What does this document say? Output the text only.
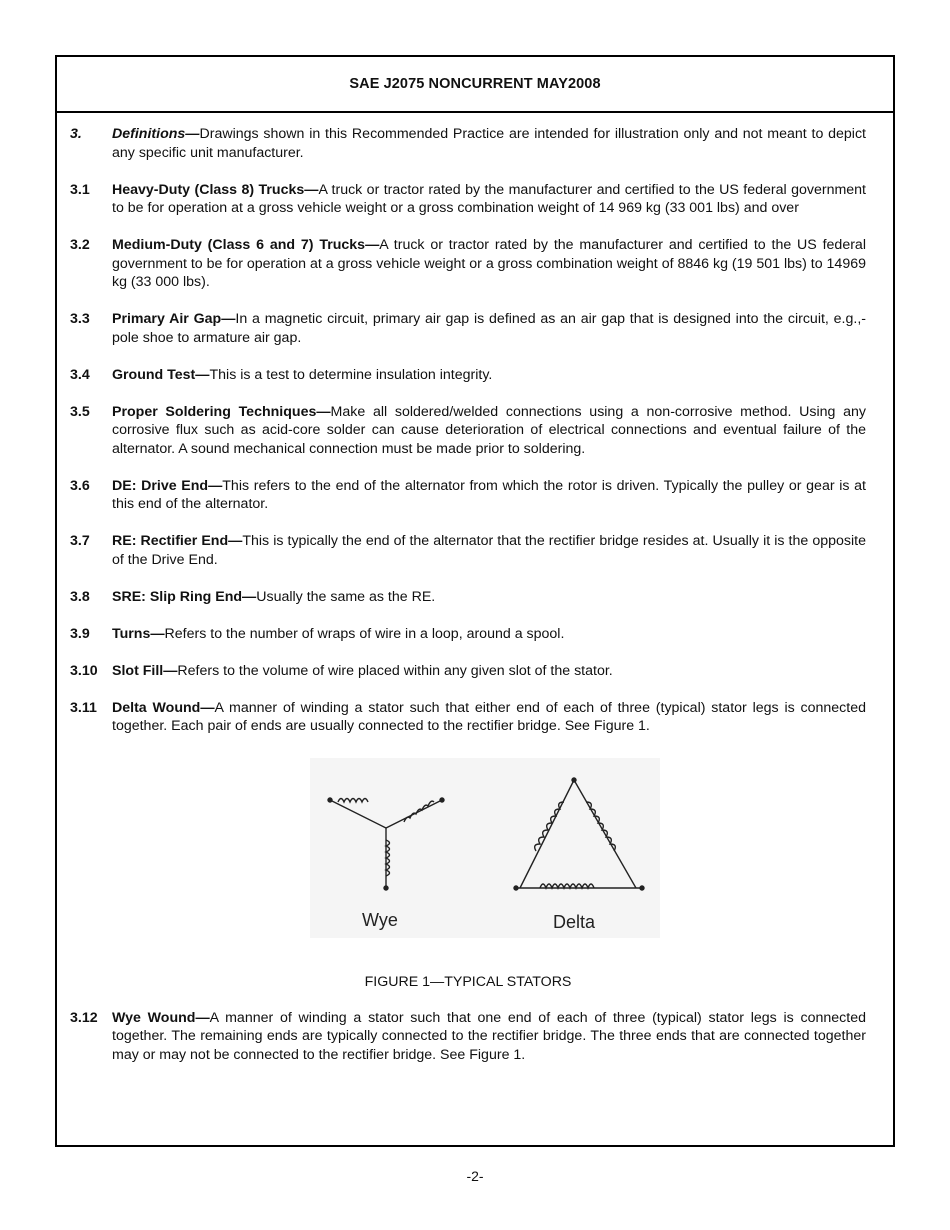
SAE J2075 NONCURRENT MAY2008
3.	Definitions—Drawings shown in this Recommended Practice are intended for illustration only and not meant to depict any specific unit manufacturer.
3.1	Heavy-Duty (Class 8) Trucks—A truck or tractor rated by the manufacturer and certified to the US federal government to be for operation at a gross vehicle weight or a gross combination weight of 14 969 kg (33 001 lbs) and over
3.2	Medium-Duty (Class 6 and 7) Trucks—A truck or tractor rated by the manufacturer and certified to the US federal government to be for operation at a gross vehicle weight or a gross combination weight of 8846 kg (19 501 lbs) to 14969 kg (33 000 lbs).
3.3	Primary Air Gap—In a magnetic circuit, primary air gap is defined as an air gap that is designed into the circuit, e.g.,- pole shoe to armature air gap.
3.4	Ground Test—This is a test to determine insulation integrity.
3.5	Proper Soldering Techniques—Make all soldered/welded connections using a non-corrosive method. Using any corrosive flux such as acid-core solder can cause deterioration of electrical connections and eventual failure of the alternator. A sound mechanical connection must be made prior to soldering.
3.6	DE: Drive End—This refers to the end of the alternator from which the rotor is driven. Typically the pulley or gear is at this end of the alternator.
3.7	RE: Rectifier End—This is typically the end of the alternator that the rectifier bridge resides at. Usually it is the opposite of the Drive End.
3.8	SRE: Slip Ring End—Usually the same as the RE.
3.9	Turns—Refers to the number of wraps of wire in a loop, around a spool.
3.10	Slot Fill—Refers to the volume of wire placed within any given slot of the stator.
3.11	Delta Wound—A manner of winding a stator such that either end of each of three (typical) stator legs is connected together. Each pair of ends are usually connected to the rectifier bridge. See Figure 1.
Wye	Delta
FIGURE 1—TYPICAL STATORS
3.12	Wye Wound—A manner of winding a stator such that one end of each of three (typical) stator legs is connected together. The remaining ends are typically connected to the rectifier bridge. The three ends that are connected together may or may not be connected to the rectifier bridge. See Figure 1.
-2-
